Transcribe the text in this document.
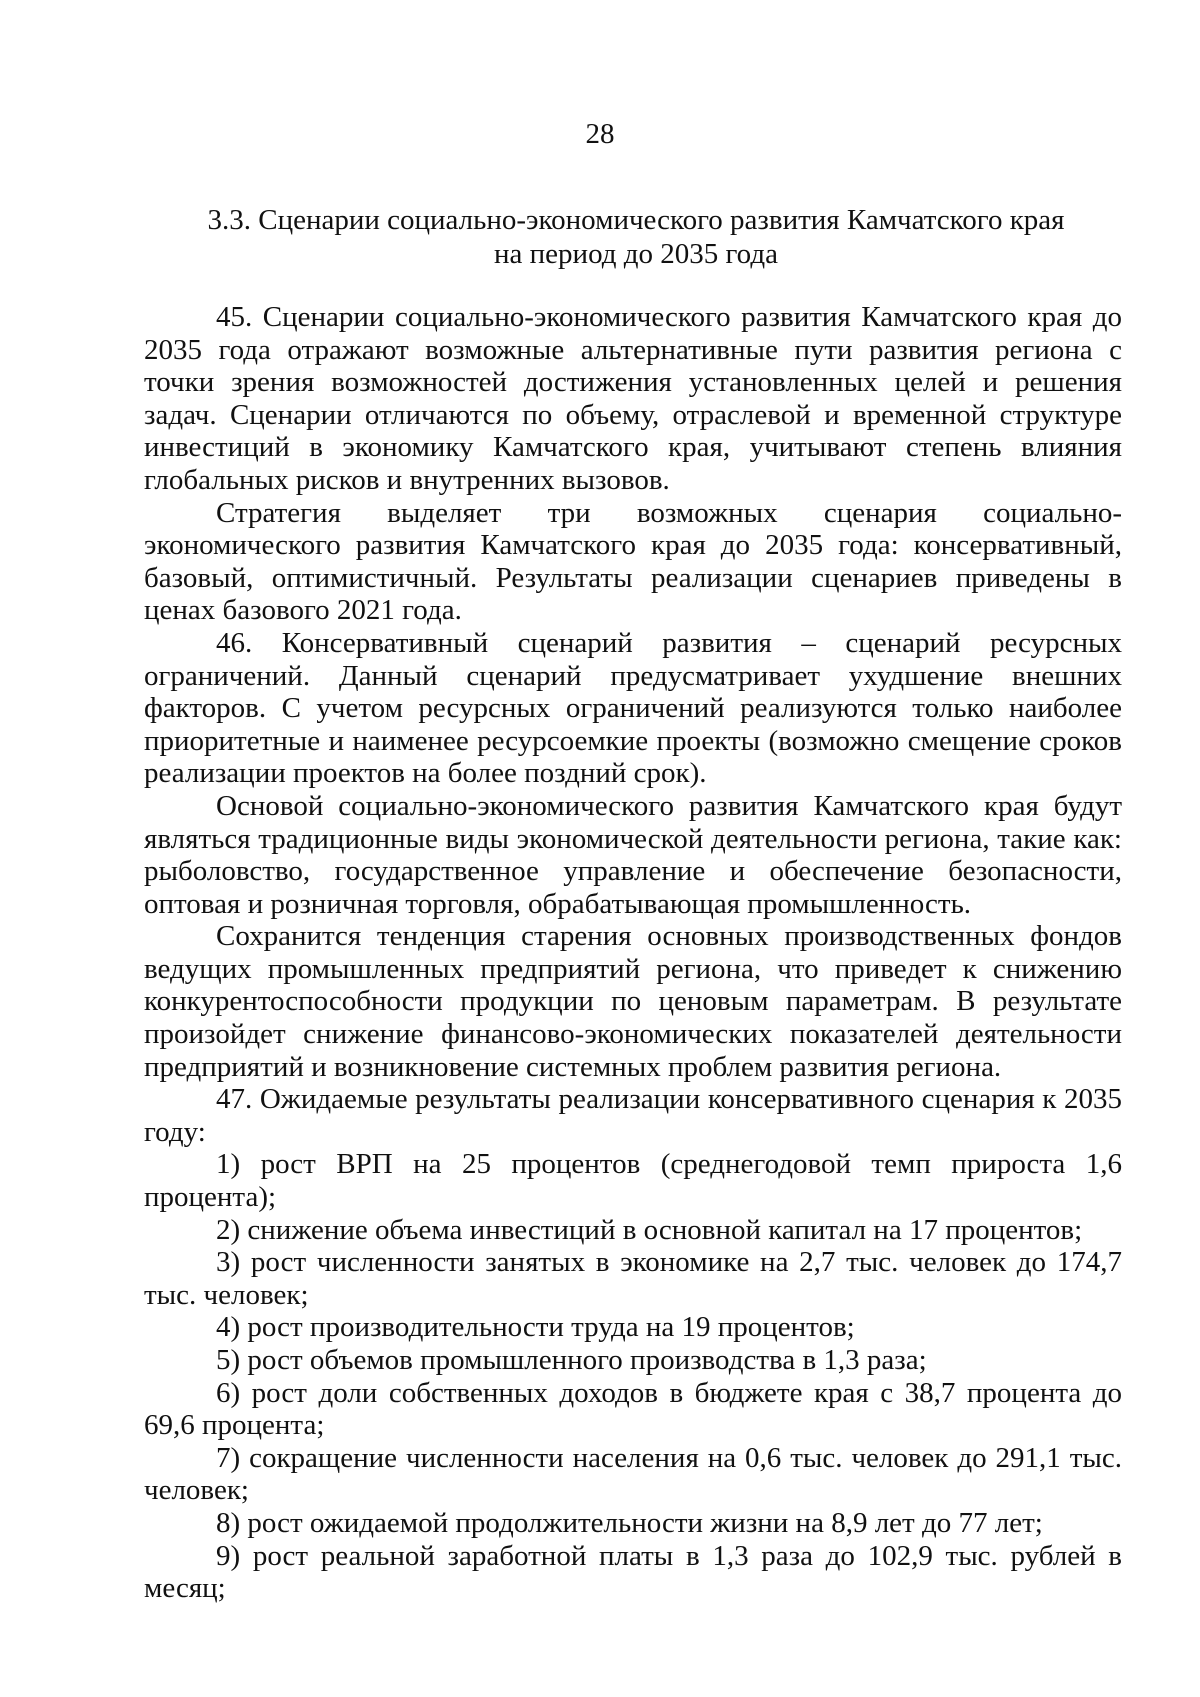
28
3.3. Сценарии социально-экономического развития Камчатского края
на период до 2035 года

45. Сценарии социально-экономического развития Камчатского края до 2035 года отражают возможные альтернативные пути развития региона с точки зрения возможностей достижения установленных целей и решения задач. Сценарии отличаются по объему, отраслевой и временной структуре инвестиций в экономику Камчатского края, учитывают степень влияния глобальных рисков и внутренних вызовов.

Стратегия выделяет три возможных сценария социально-экономического развития Камчатского края до 2035 года: консервативный, базовый, оптимистичный. Результаты реализации сценариев приведены в ценах базового 2021 года.

46. Консервативный сценарий развития – сценарий ресурсных ограничений. Данный сценарий предусматривает ухудшение внешних факторов. С учетом ресурсных ограничений реализуются только наиболее приоритетные и наименее ресурсоемкие проекты (возможно смещение сроков реализации проектов на более поздний срок).

Основой социально-экономического развития Камчатского края будут являться традиционные виды экономической деятельности региона, такие как: рыболовство, государственное управление и обеспечение безопасности, оптовая и розничная торговля, обрабатывающая промышленность.

Сохранится тенденция старения основных производственных фондов ведущих промышленных предприятий региона, что приведет к снижению конкурентоспособности продукции по ценовым параметрам. В результате произойдет снижение финансово-экономических показателей деятельности предприятий и возникновение системных проблем развития региона.

47. Ожидаемые результаты реализации консервативного сценария к 2035 году:

1) рост ВРП на 25 процентов (среднегодовой темп прироста 1,6 процента);

2) снижение объема инвестиций в основной капитал на 17 процентов;

3) рост численности занятых в экономике на 2,7 тыс. человек до 174,7 тыс. человек;

4) рост производительности труда на 19 процентов;

5) рост объемов промышленного производства в 1,3 раза;

6) рост доли собственных доходов в бюджете края с 38,7 процента до 69,6 процента;

7) сокращение численности населения на 0,6 тыс. человек до 291,1 тыс. человек;

8) рост ожидаемой продолжительности жизни на 8,9 лет до 77 лет;

9) рост реальной заработной платы в 1,3 раза до 102,9 тыс. рублей в месяц;
